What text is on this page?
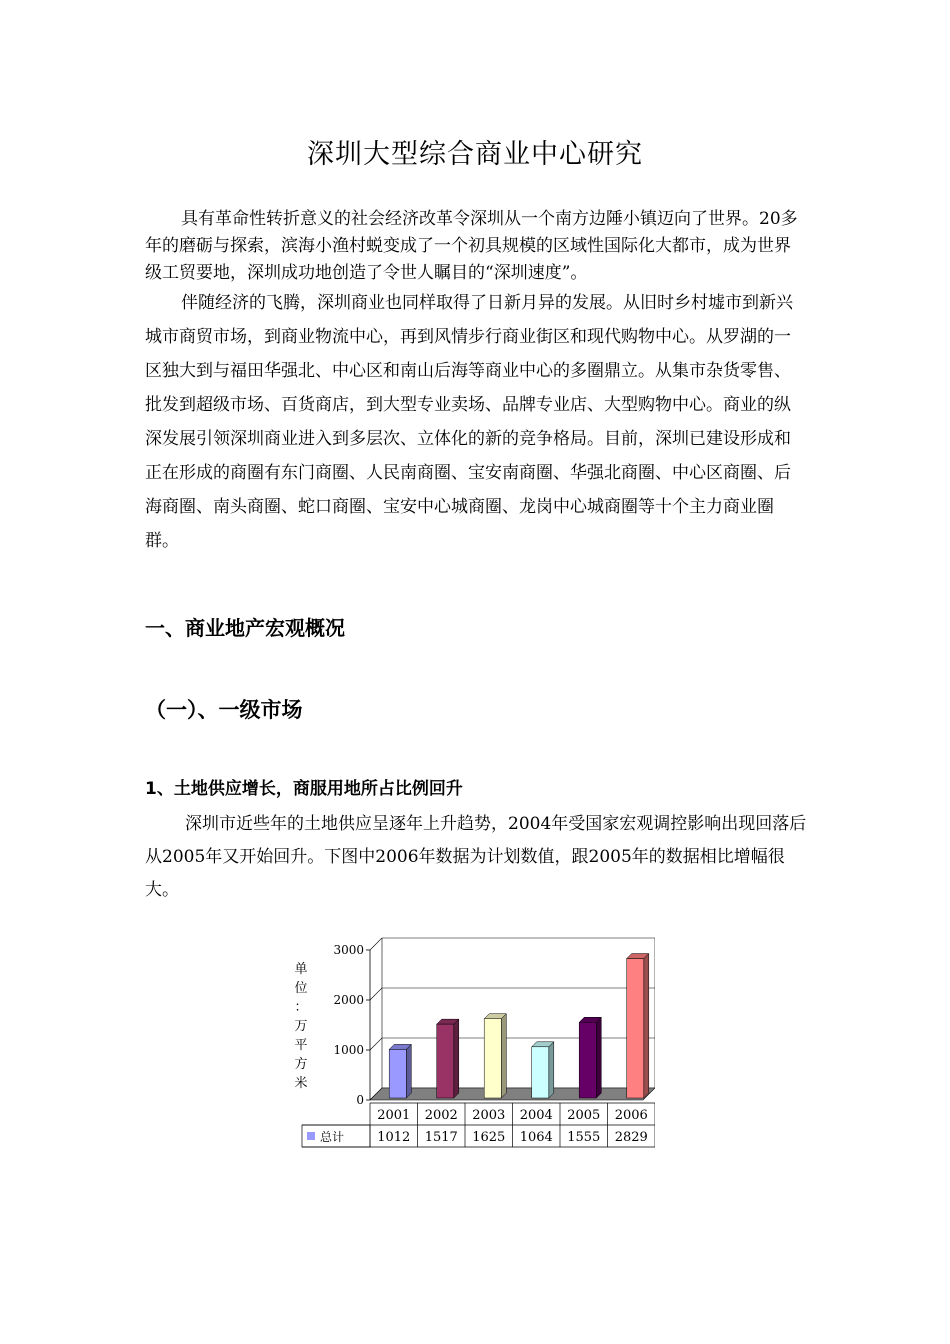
深圳大型综合商业中心研究

具有革命性转折意义的社会经济改革令深圳从一个南方边陲小镇迈向了世界。20多年的磨砺与探索，滨海小渔村蜕变成了一个初具规模的区域性国际化大都市，成为世界级工贸要地，深圳成功地创造了令世人瞩目的“深圳速度”。

伴随经济的飞腾，深圳商业也同样取得了日新月异的发展。从旧时乡村墟市到新兴城市商贸市场，到商业物流中心，再到风情步行商业街区和现代购物中心。从罗湖的一区独大到与福田华强北、中心区和南山后海等商业中心的多圈鼎立。从集市杂货零售、批发到超级市场、百货商店，到大型专业卖场、品牌专业店、大型购物中心。商业的纵深发展引领深圳商业进入到多层次、立体化的新的竞争格局。目前，深圳已建设形成和正在形成的商圈有东门商圈、人民南商圈、宝安南商圈、华强北商圈、中心区商圈、后海商圈、南头商圈、蛇口商圈、宝安中心城商圈、龙岗中心城商圈等十个主力商业圈群。

一、商业地产宏观概况
（一）、一级市场
1、土地供应增长，商服用地所占比例回升

深圳市近些年的土地供应呈逐年上升趋势，2004年受国家宏观调控影响出现回落后从2005年又开始回升。下图中2006年数据为计划数值，跟2005年的数据相比增幅很大。

0
1000
2000
3000
单
位
：
万
平
方
米
总计
2001
1012
2002
1517
2003
1625
2004
1064
2005
1555
2006
2829
